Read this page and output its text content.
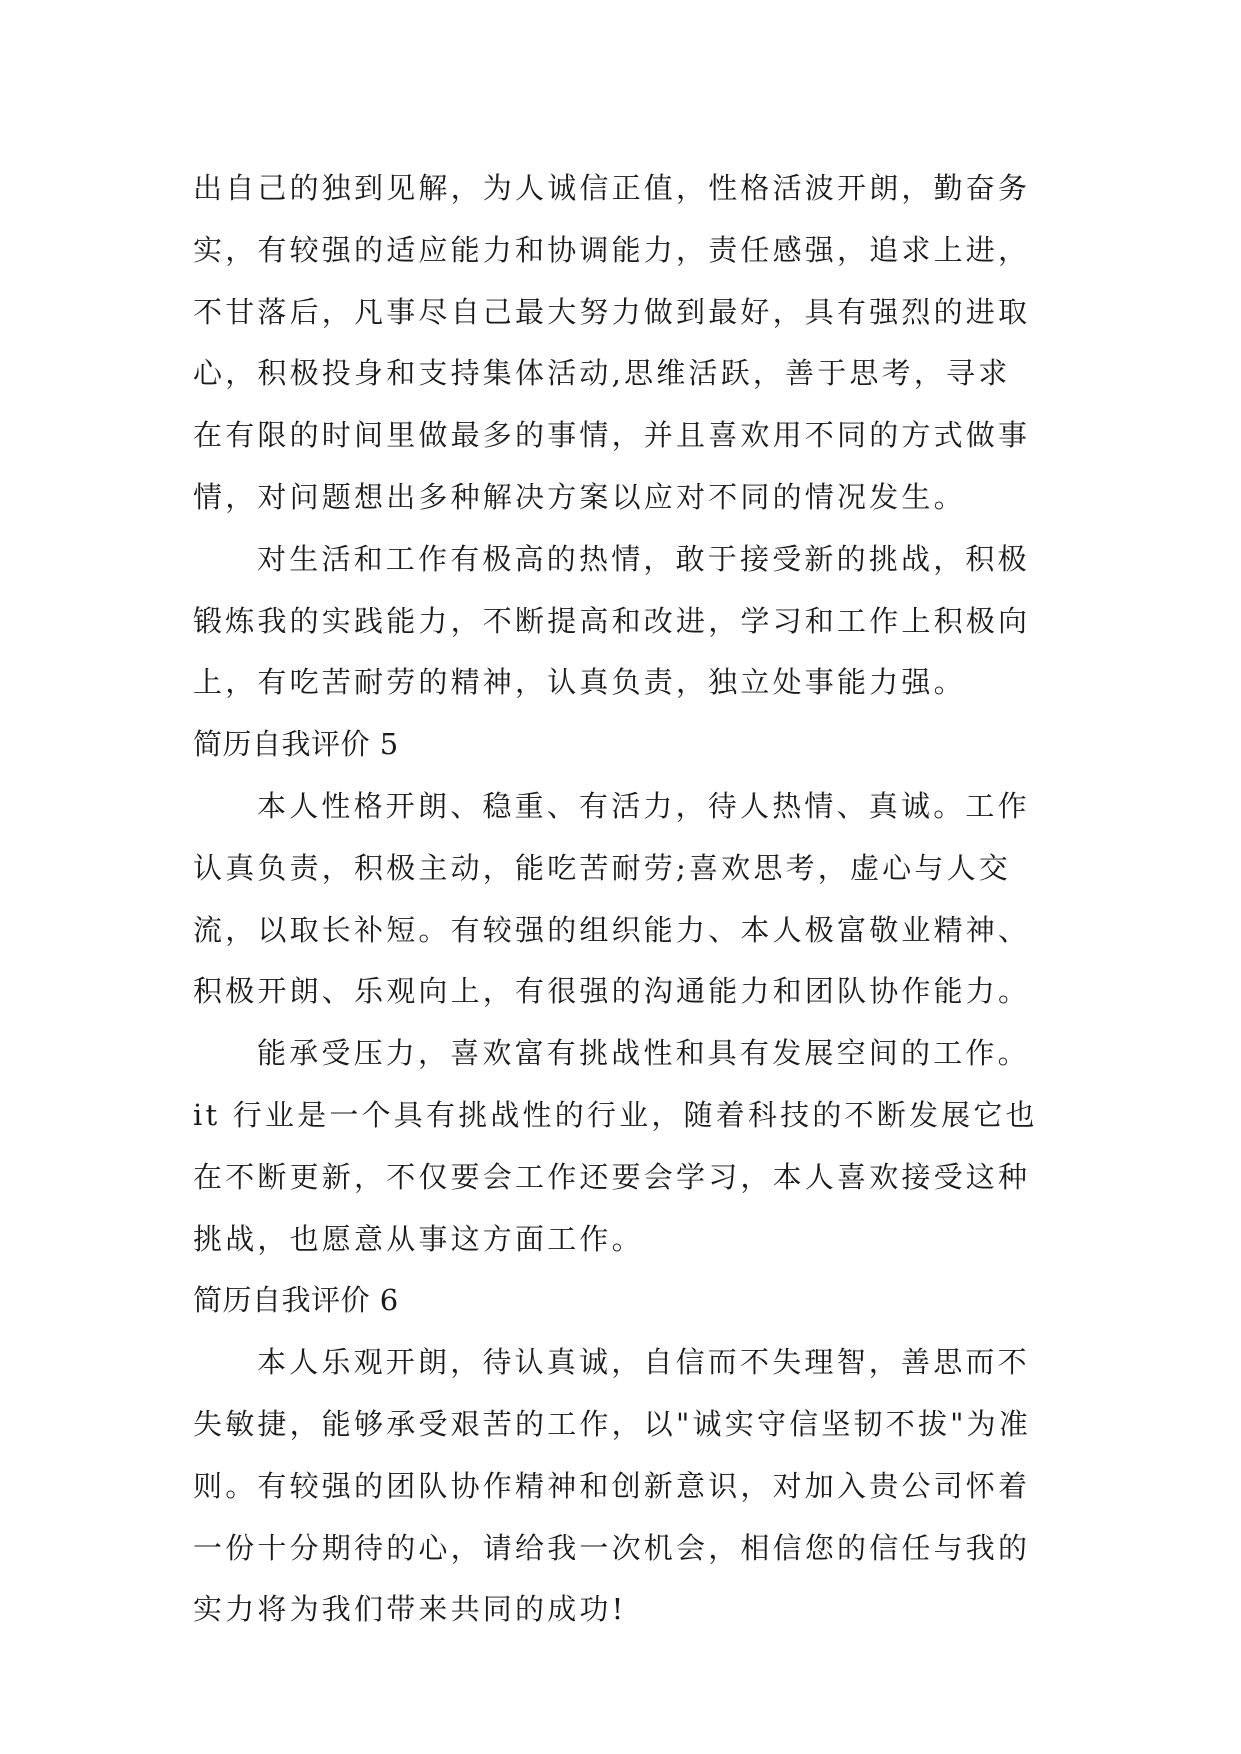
出自己的独到见解，为人诚信正值，性格活波开朗，勤奋务
实，有较强的适应能力和协调能力，责任感强，追求上进，
不甘落后，凡事尽自己最大努力做到最好，具有强烈的进取
心，积极投身和支持集体活动,思维活跃，善于思考，寻求
在有限的时间里做最多的事情，并且喜欢用不同的方式做事
情，对问题想出多种解决方案以应对不同的情况发生。
对生活和工作有极高的热情，敢于接受新的挑战，积极
锻炼我的实践能力，不断提高和改进，学习和工作上积极向
上，有吃苦耐劳的精神，认真负责，独立处事能力强。
简历自我评价 5
本人性格开朗、稳重、有活力，待人热情、真诚。工作
认真负责，积极主动，能吃苦耐劳;喜欢思考，虚心与人交
流，以取长补短。有较强的组织能力、本人极富敬业精神、
积极开朗、乐观向上，有很强的沟通能力和团队协作能力。
能承受压力，喜欢富有挑战性和具有发展空间的工作。
it 行业是一个具有挑战性的行业，随着科技的不断发展它也
在不断更新，不仅要会工作还要会学习，本人喜欢接受这种
挑战，也愿意从事这方面工作。
简历自我评价 6
本人乐观开朗，待认真诚，自信而不失理智，善思而不
失敏捷，能够承受艰苦的工作，以"诚实守信坚韧不拔"为准
则。有较强的团队协作精神和创新意识，对加入贵公司怀着
一份十分期待的心，请给我一次机会，相信您的信任与我的
实力将为我们带来共同的成功!
